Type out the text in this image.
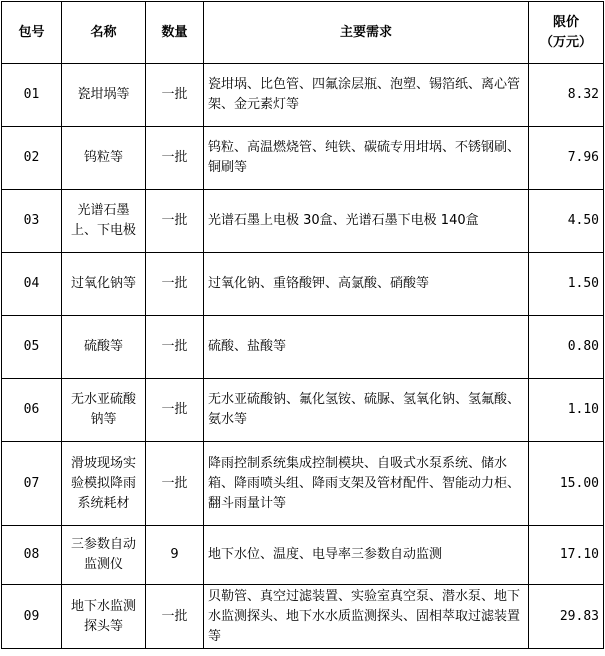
包号	名称	数量	主要需求	限价
（万元）

01	瓷坩埚等	一批	瓷坩埚、比色管、四氟涂层瓶、泡塑、锡箔纸、离心管架、金元素灯等	8.32
02	钨粒等	一批	钨粒、高温燃烧管、纯铁、碳硫专用坩埚、不锈钢刷、铜刷等	7.96
03	光谱石墨上、下电极	一批	光谱石墨上电极 30盒、光谱石墨下电极 140盒	4.50
04	过氧化钠等	一批	过氧化钠、重铬酸钾、高氯酸、硝酸等	1.50
05	硫酸等	一批	硫酸、盐酸等	0.80
06	无水亚硫酸钠等	一批	无水亚硫酸钠、氟化氢铵、硫脲、氢氧化钠、氢氟酸、氨水等	1.10
07	滑坡现场实验模拟降雨系统耗材	一批	降雨控制系统集成控制模块、自吸式水泵系统、储水箱、降雨喷头组、降雨支架及管材配件、智能动力柜、翻斗雨量计等	15.00
08	三参数自动监测仪	9	地下水位、温度、电导率三参数自动监测	17.10
09	地下水监测探头等	一批	贝勒管、真空过滤装置、实验室真空泵、潜水泵、地下水监测探头、地下水水质监测探头、固相萃取过滤装置等	29.83
